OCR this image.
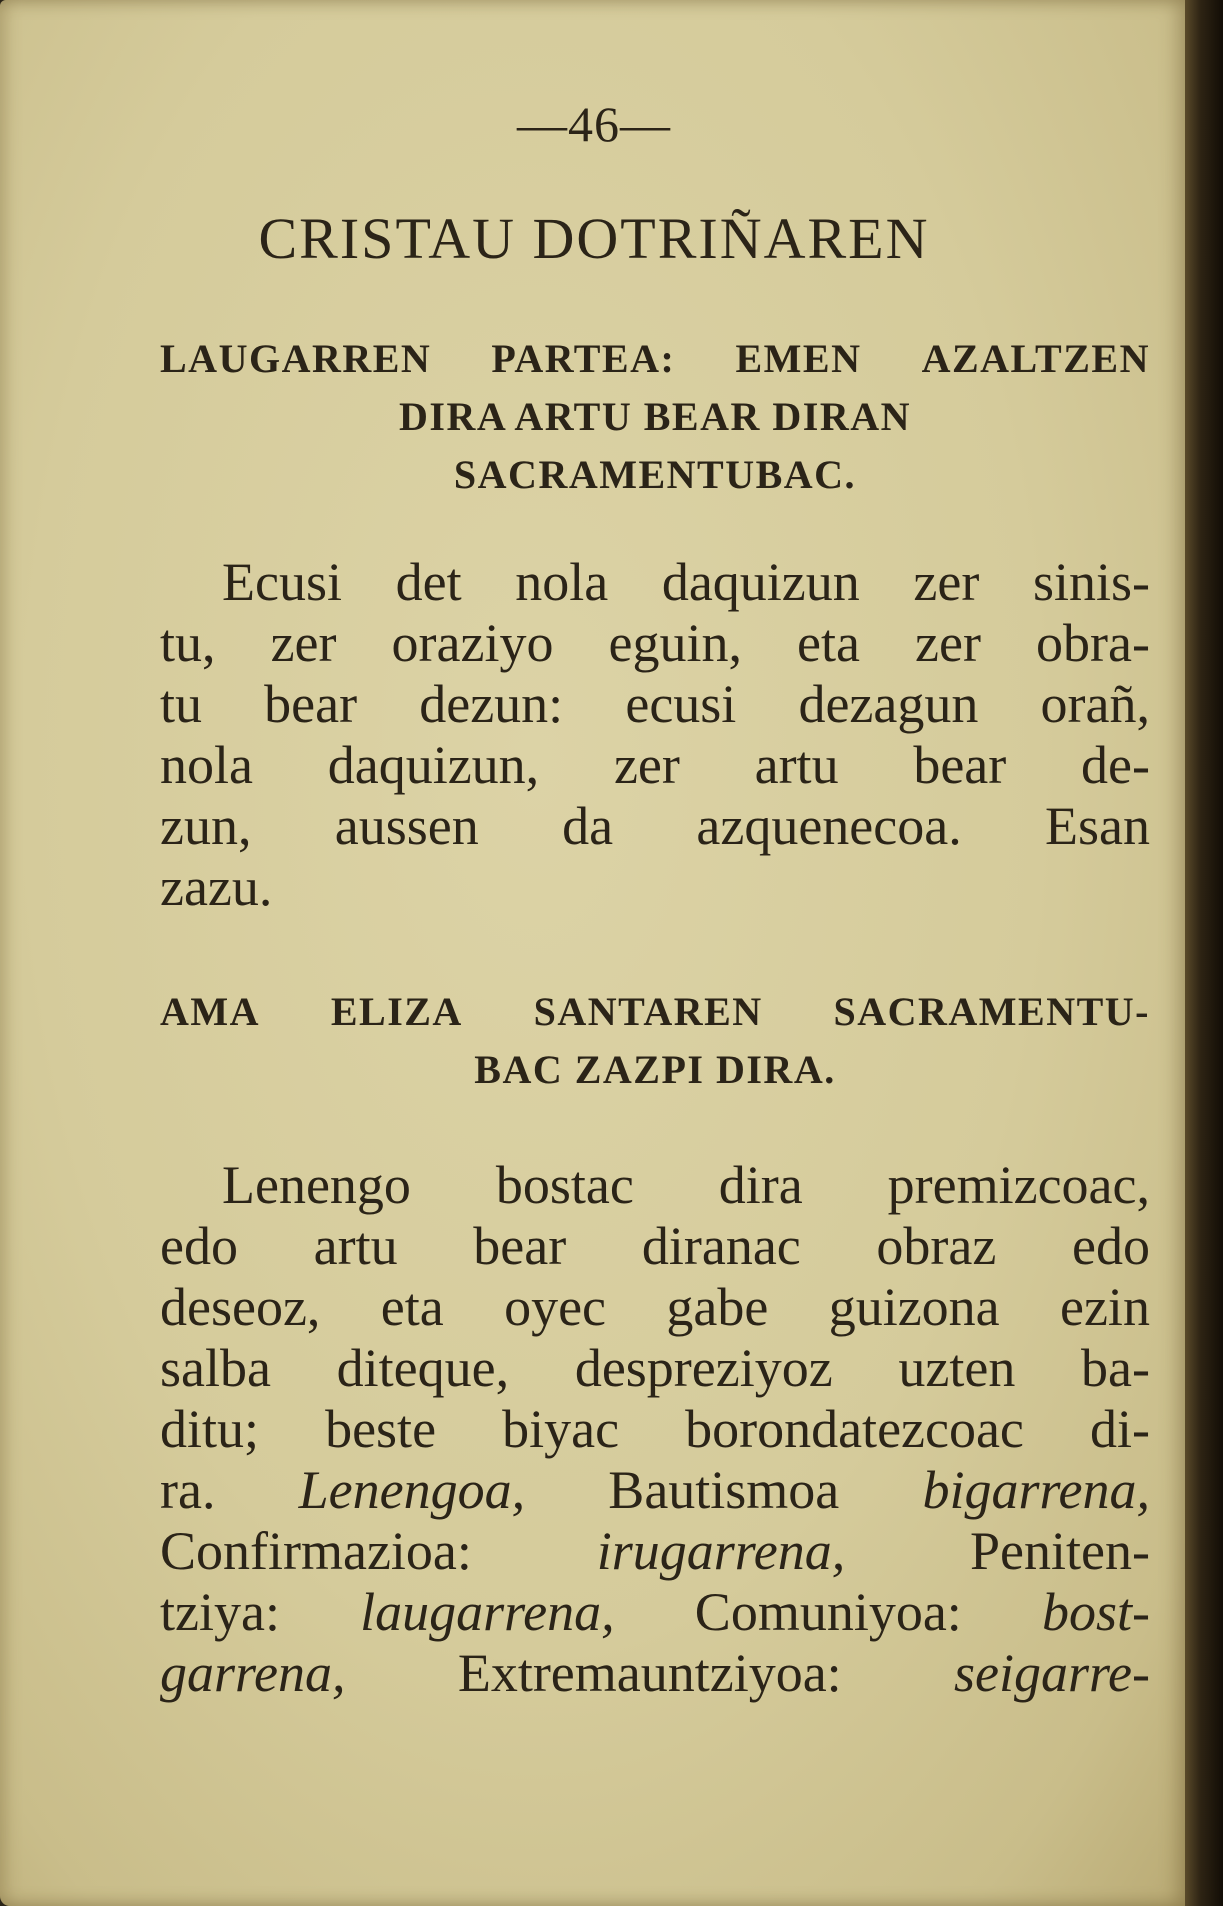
—46—
CRISTAU DOTRIÑAREN
LAUGARREN PARTEA: EMEN AZALTZEN
DIRA ARTU BEAR DIRAN
SACRAMENTUBAC.
Ecusi det nola daquizun zer sinis-
tu, zer oraziyo eguin, eta zer obra-
tu bear dezun: ecusi dezagun orañ,
nola daquizun, zer artu bear de-
zun, aussen da azquenecoa. Esan
zazu.
AMA ELIZA SANTAREN SACRAMENTU-
BAC ZAZPI DIRA.
Lenengo bostac dira premizcoac,
edo artu bear diranac obraz edo
deseoz, eta oyec gabe guizona ezin
salba diteque, despreziyoz uzten ba-
ditu; beste biyac borondatezcoac di-
ra. Lenengoa, Bautismoa bigarrena,
Confirmazioa: irugarrena, Peniten-
tziya: laugarrena, Comuniyoa: bost-
garrena, Extremauntziyoa: seigarre-
